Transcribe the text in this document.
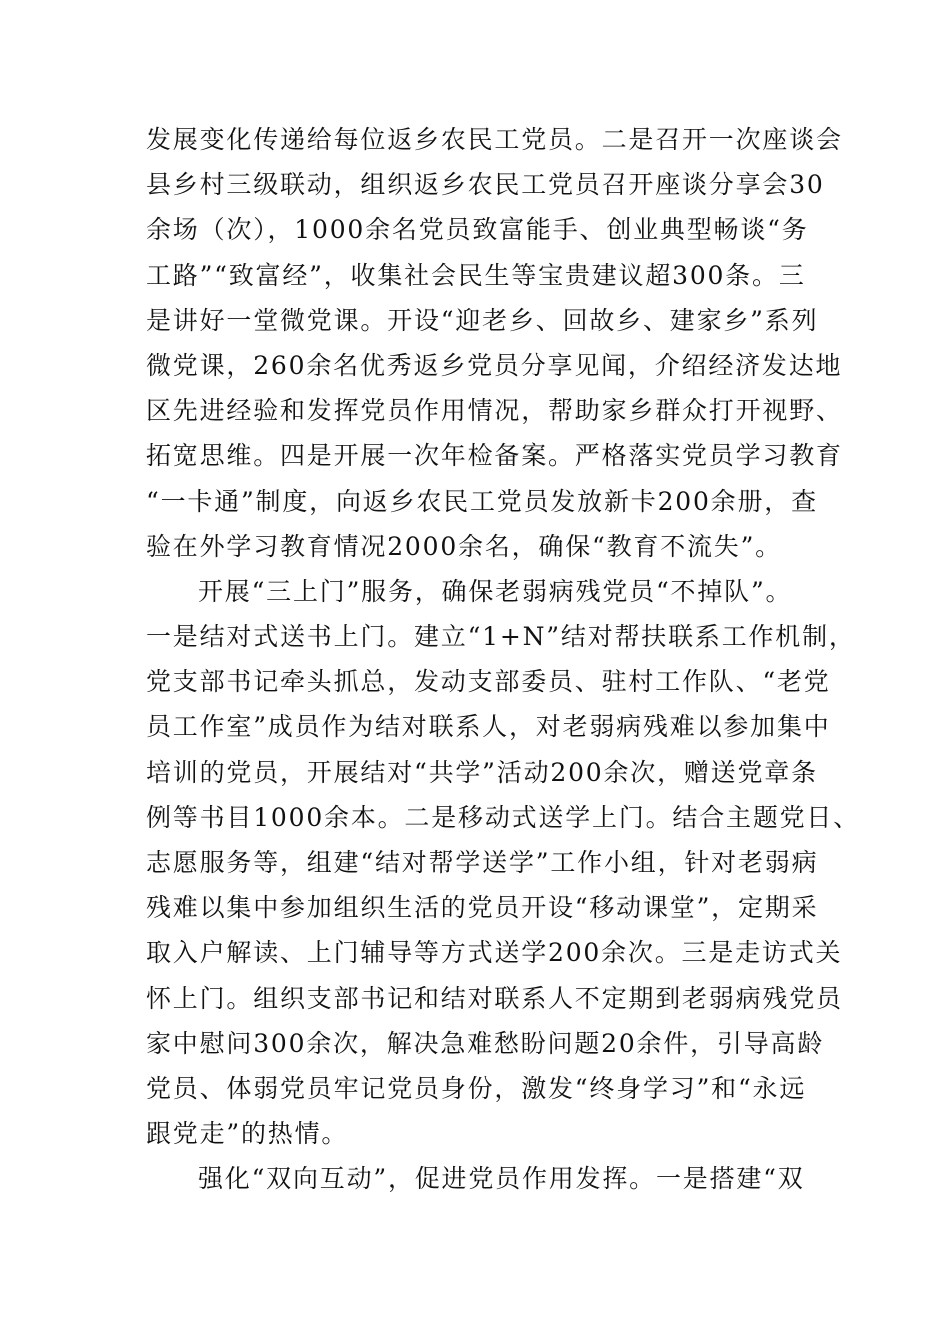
发展变化传递给每位返乡农民工党员。二是召开一次座谈会
县乡村三级联动，组织返乡农民工党员召开座谈分享会30
余场（次），1000余名党员致富能手、创业典型畅谈“务
工路”“致富经”，收集社会民生等宝贵建议超300条。三
是讲好一堂微党课。开设“迎老乡、回故乡、建家乡”系列
微党课，260余名优秀返乡党员分享见闻，介绍经济发达地
区先进经验和发挥党员作用情况，帮助家乡群众打开视野、
拓宽思维。四是开展一次年检备案。严格落实党员学习教育
“一卡通”制度，向返乡农民工党员发放新卡200余册，查
验在外学习教育情况2000余名，确保“教育不流失”。
开展“三上门”服务，确保老弱病残党员“不掉队”。
一是结对式送书上门。建立“1+N”结对帮扶联系工作机制，
党支部书记牵头抓总，发动支部委员、驻村工作队、“老党
员工作室”成员作为结对联系人，对老弱病残难以参加集中
培训的党员，开展结对“共学”活动200余次，赠送党章条
例等书目1000余本。二是移动式送学上门。结合主题党日、
志愿服务等，组建“结对帮学送学”工作小组，针对老弱病
残难以集中参加组织生活的党员开设“移动课堂”，定期采
取入户解读、上门辅导等方式送学200余次。三是走访式关
怀上门。组织支部书记和结对联系人不定期到老弱病残党员
家中慰问300余次，解决急难愁盼问题20余件，引导高龄
党员、体弱党员牢记党员身份，激发“终身学习”和“永远
跟党走”的热情。
强化“双向互动”，促进党员作用发挥。一是搭建“双
